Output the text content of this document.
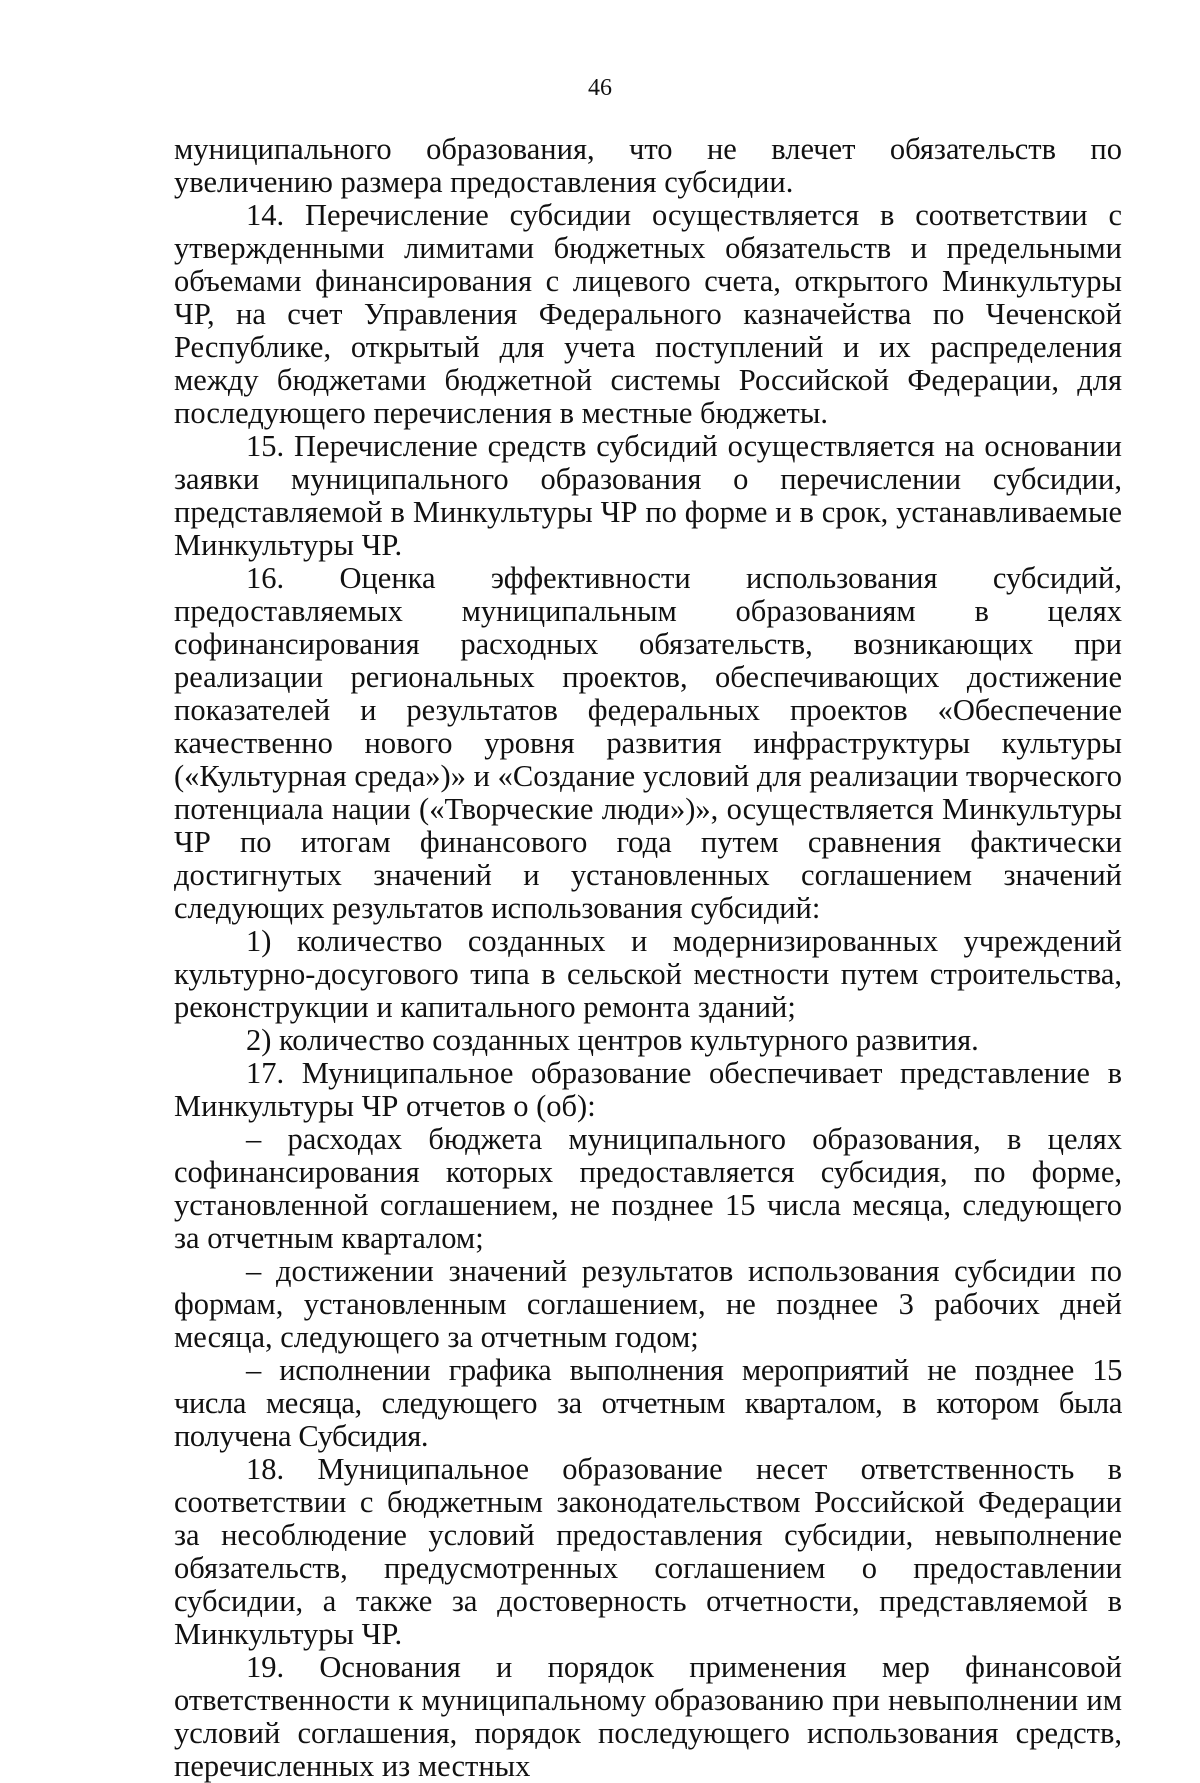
46

муниципального образования, что не влечет обязательств по увеличению размера предоставления субсидии.

14. Перечисление субсидии осуществляется в соответствии с утвержденными лимитами бюджетных обязательств и предельными объемами финансирования с лицевого счета, открытого Минкультуры ЧР, на счет Управления Федерального казначейства по Чеченской Республике, открытый для учета поступлений и их распределения между бюджетами бюджетной системы Российской Федерации, для последующего перечисления в местные бюджеты.

15. Перечисление средств субсидий осуществляется на основании заявки муниципального образования о перечислении субсидии, представляемой в Минкультуры ЧР по форме и в срок, устанавливаемые Минкультуры ЧР.

16. Оценка эффективности использования субсидий, предоставляемых муниципальным образованиям в целях софинансирования расходных обязательств, возникающих при реализации региональных проектов, обеспечивающих достижение показателей и результатов федеральных проектов «Обеспечение качественно нового уровня развития инфраструктуры культуры («Культурная среда»)» и «Создание условий для реализации творческого потенциала нации («Творческие люди»)», осуществляется Минкультуры ЧР по итогам финансового года путем сравнения фактически достигнутых значений и установленных соглашением значений следующих результатов использования субсидий:

1) количество созданных и модернизированных учреждений культурно-досугового типа в сельской местности путем строительства, реконструкции и капитального ремонта зданий;

2) количество созданных центров культурного развития.

17. Муниципальное образование обеспечивает представление в Минкультуры ЧР отчетов о (об):

– расходах бюджета муниципального образования, в целях софинансирования которых предоставляется субсидия, по форме, установленной соглашением, не позднее 15 числа месяца, следующего за отчетным кварталом;

– достижении значений результатов использования субсидии по формам, установленным соглашением, не позднее 3 рабочих дней месяца, следующего за отчетным годом;

– исполнении графика выполнения мероприятий не позднее 15 числа месяца, следующего за отчетным кварталом, в котором была получена Субсидия.

18. Муниципальное образование несет ответственность в соответствии с бюджетным законодательством Российской Федерации за несоблюдение условий предоставления субсидии, невыполнение обязательств, предусмотренных соглашением о предоставлении субсидии, а также за достоверность отчетности, представляемой в Минкультуры ЧР.

19. Основания и порядок применения мер финансовой ответственности к муниципальному образованию при невыполнении им условий соглашения, порядок последующего использования средств, перечисленных из местных
